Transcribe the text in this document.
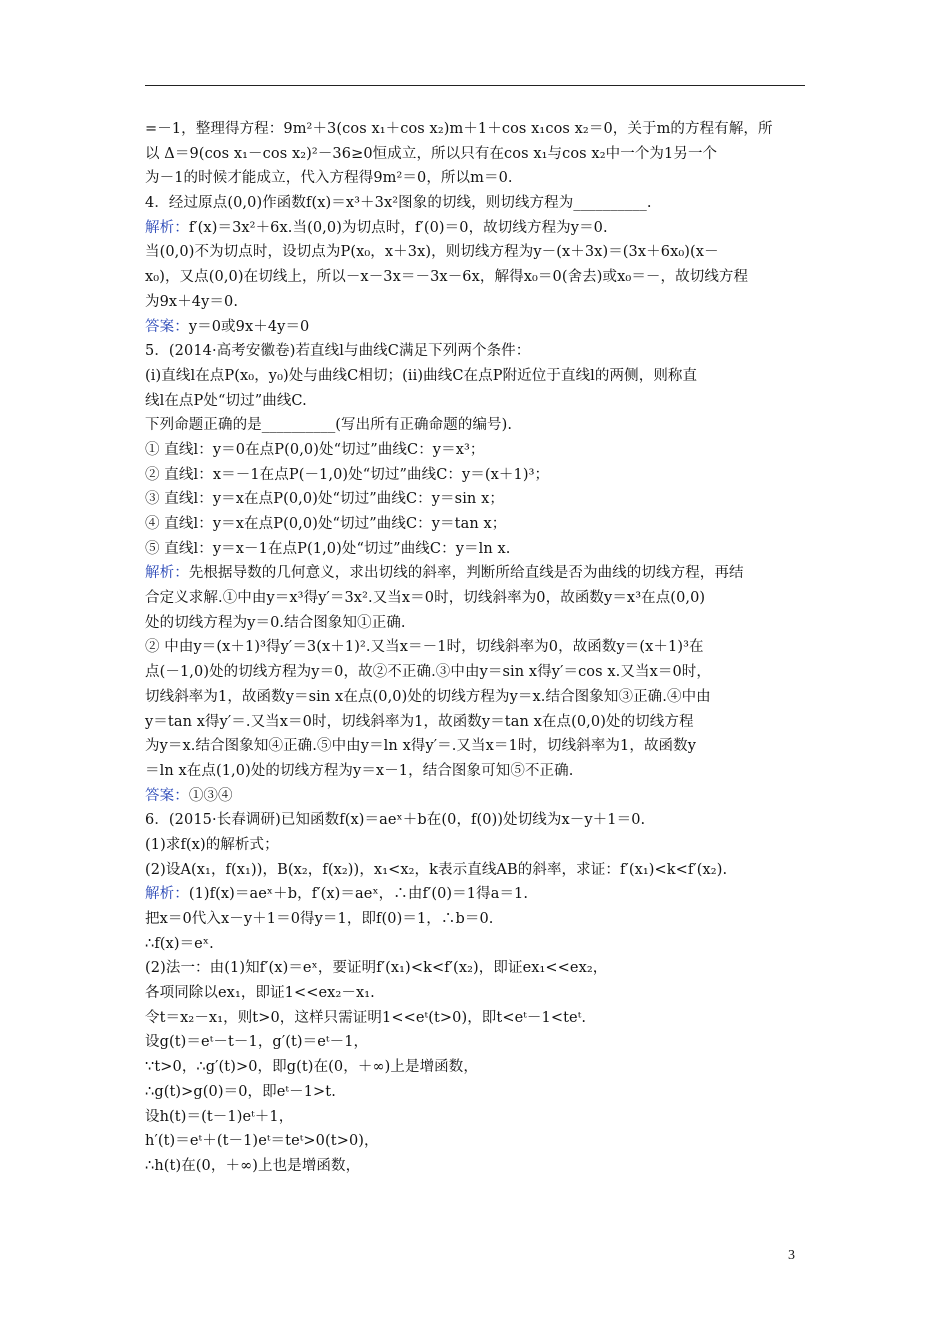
=－1，整理得方程：9m²＋3(cos x₁＋cos x₂)m＋1＋cos x₁cos x₂＝0，关于m的方程有解，所
以 Δ＝9(cos x₁－cos x₂)²－36≥0恒成立，所以只有在cos x₁与cos x₂中一个为1另一个
为－1的时候才能成立，代入方程得9m²＝0，所以m＝0.
4．经过原点(0,0)作函数f(x)＝x³＋3x²图象的切线，则切线方程为__________.
解析：f′(x)＝3x²＋6x.当(0,0)为切点时，f′(0)＝0，故切线方程为y＝0.
当(0,0)不为切点时，设切点为P(x₀，x＋3x)，则切线方程为y－(x＋3x)＝(3x＋6x₀)(x－
x₀)，又点(0,0)在切线上，所以－x－3x＝－3x－6x，解得x₀＝0(舍去)或x₀＝－，故切线方程
为9x＋4y＝0.
答案：y＝0或9x＋4y＝0
5．(2014·高考安徽卷)若直线l与曲线C满足下列两个条件：
(i)直线l在点P(x₀，y₀)处与曲线C相切；(ii)曲线C在点P附近位于直线l的两侧，则称直
线l在点P处“切过”曲线C.
下列命题正确的是__________(写出所有正确命题的编号).
① 直线l：y＝0在点P(0,0)处“切过”曲线C：y＝x³；
② 直线l：x＝－1在点P(－1,0)处“切过”曲线C：y＝(x＋1)³；
③ 直线l：y＝x在点P(0,0)处“切过”曲线C：y＝sin x；
④ 直线l：y＝x在点P(0,0)处“切过”曲线C：y＝tan x；
⑤ 直线l：y＝x－1在点P(1,0)处“切过”曲线C：y＝ln x.
解析：先根据导数的几何意义，求出切线的斜率，判断所给直线是否为曲线的切线方程，再结
合定义求解.①中由y＝x³得y′＝3x².又当x＝0时，切线斜率为0，故函数y＝x³在点(0,0)
处的切线方程为y＝0.结合图象知①正确.
② 中由y＝(x＋1)³得y′＝3(x＋1)².又当x＝－1时，切线斜率为0，故函数y＝(x＋1)³在
点(－1,0)处的切线方程为y＝0，故②不正确.③中由y＝sin x得y′＝cos x.又当x＝0时，
切线斜率为1，故函数y＝sin x在点(0,0)处的切线方程为y＝x.结合图象知③正确.④中由
y＝tan x得y′＝.又当x＝0时，切线斜率为1，故函数y＝tan x在点(0,0)处的切线方程
为y＝x.结合图象知④正确.⑤中由y＝ln x得y′＝.又当x＝1时，切线斜率为1，故函数y
＝ln x在点(1,0)处的切线方程为y＝x－1，结合图象可知⑤不正确.
答案：①③④
6．(2015·长春调研)已知函数f(x)＝aeˣ＋b在(0，f(0))处切线为x－y＋1＝0.
(1)求f(x)的解析式；
(2)设A(x₁，f(x₁))，B(x₂，f(x₂))，x₁<x₂，k表示直线AB的斜率，求证：f′(x₁)<k<f′(x₂).
解析：(1)f(x)＝aeˣ＋b，f′(x)＝aeˣ，∴由f′(0)＝1得a＝1.
把x＝0代入x－y＋1＝0得y＝1，即f(0)＝1，∴b＝0.
∴f(x)＝eˣ.
(2)法一：由(1)知f′(x)＝eˣ，要证明f′(x₁)<k<f′(x₂)，即证ex₁<<ex₂，
各项同除以ex₁，即证1<<ex₂－x₁.
令t＝x₂－x₁，则t>0，这样只需证明1<<eᵗ(t>0)，即t<eᵗ－1<teᵗ.
设g(t)＝eᵗ－t－1，g′(t)＝eᵗ－1，
∵t>0，∴g′(t)>0，即g(t)在(0，＋∞)上是增函数，
∴g(t)>g(0)＝0，即eᵗ－1>t.
设h(t)＝(t－1)eᵗ＋1，
h′(t)＝eᵗ＋(t－1)eᵗ＝teᵗ>0(t>0)，
∴h(t)在(0，＋∞)上也是增函数，
3
